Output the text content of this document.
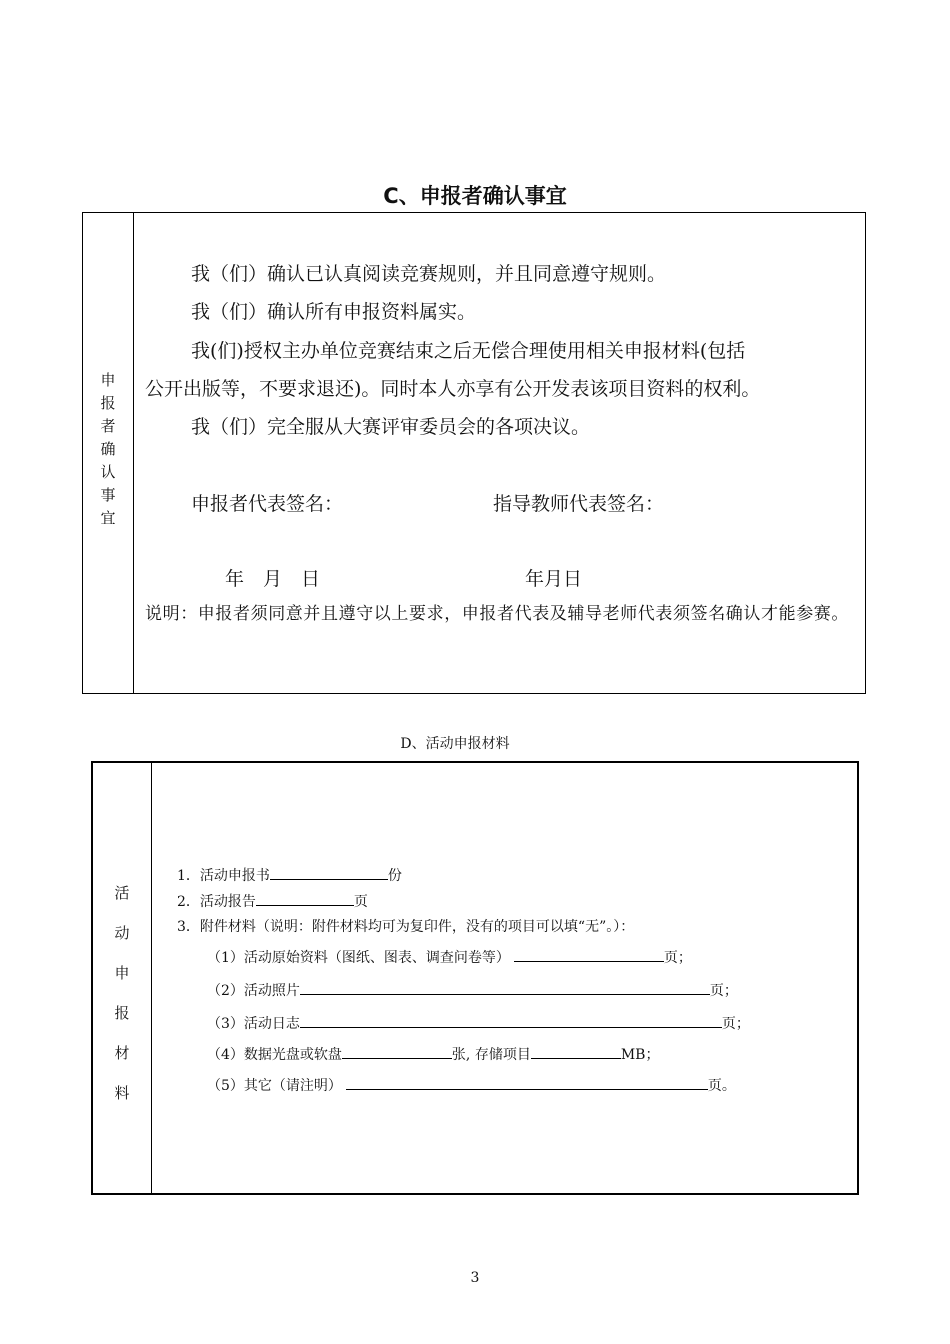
C、申报者确认事宜
申
报
者
确
认
事
宜
我（们）确认已认真阅读竞赛规则，并且同意遵守规则。
我（们）确认所有申报资料属实。
我(们)授权主办单位竞赛结束之后无偿合理使用相关申报材料(包括
公开出版等，不要求退还)。同时本人亦享有公开发表该项目资料的权利。
我（们）完全服从大赛评审委员会的各项决议。
申报者代表签名：	指导教师代表签名：
年　月　日	年月日
说明：申报者须同意并且遵守以上要求，申报者代表及辅导老师代表须签名确认才能参赛。
D、活动申报材料
活
动
申
报
材
料
1．活动申报书	份
2．活动报告	页
3．附件材料（说明：附件材料均可为复印件，没有的项目可以填“无”。）：
（1）活动原始资料（图纸、图表、调查问卷等）	页；
（2）活动照片	页；
（3）活动日志	页；
（4）数据光盘或软盘	张, 存储项目	MB；
（5）其它（请注明）	页。
3
